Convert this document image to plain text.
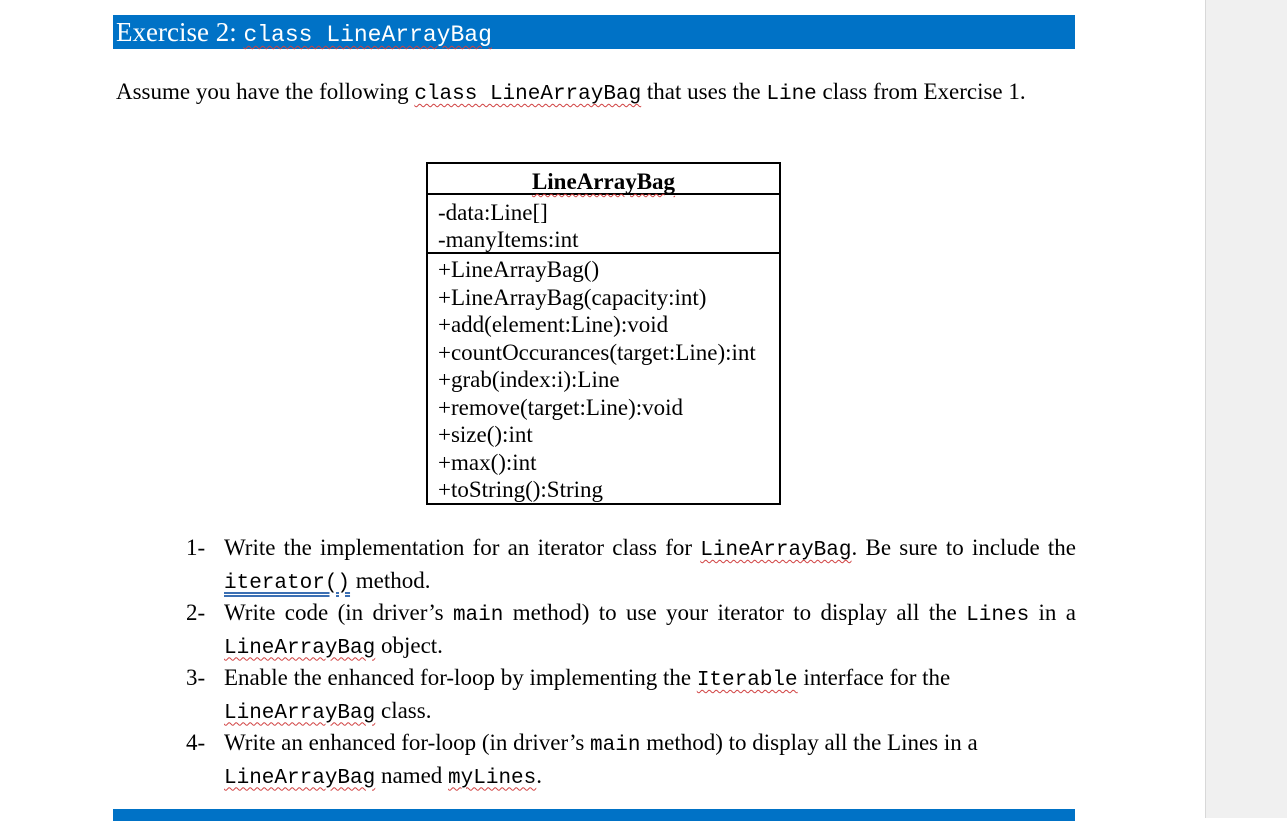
Exercise 2: class LineArrayBag
Assume you have the following class LineArrayBag that uses the Line class from Exercise 1.
LineArrayBag
-data:Line[]
-manyItems:int
+LineArrayBag()
+LineArrayBag(capacity:int)
+add(element:Line):void
+countOccurances(target:Line):int
+grab(index:i):Line
+remove(target:Line):void
+size():int
+max():int
+toString():String
1- Write the implementation for an iterator class for LineArrayBag. Be sure to include the iterator() method.
2- Write code (in driver’s main method) to use your iterator to display all the Lines in a LineArrayBag object.
3- Enable the enhanced for-loop by implementing the Iterable interface for the LineArrayBag class.
4- Write an enhanced for-loop (in driver’s main method) to display all the Lines in a LineArrayBag named myLines.
